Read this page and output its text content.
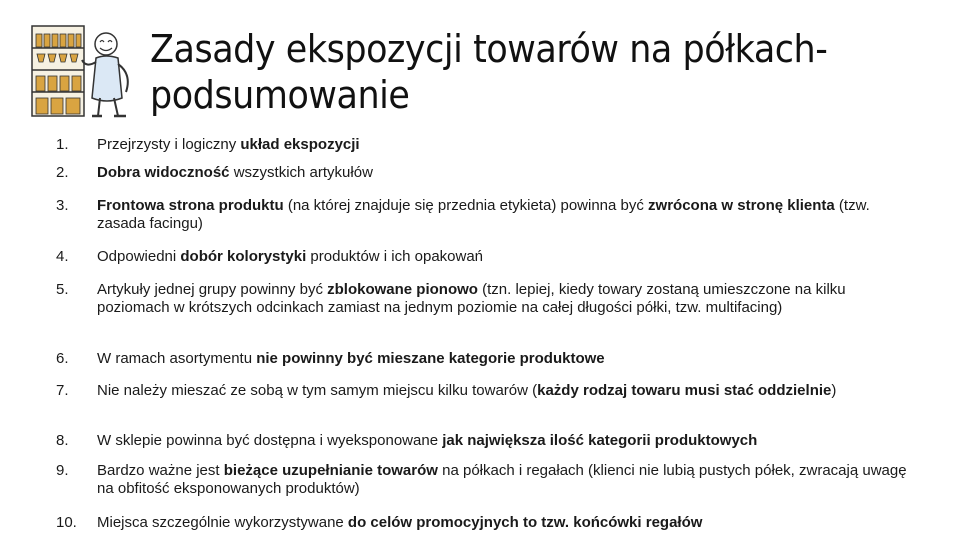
Zasady ekspozycji towarów na półkach-
podsumowanie
1.	Przejrzysty i logiczny układ ekspozycji
2.	Dobra widoczność wszystkich artykułów
3.	Frontowa strona produktu (na której znajduje się przednia etykieta) powinna być zwrócona w stronę klienta (tzw. zasada facingu)
4.	Odpowiedni dobór kolorystyki produktów i ich opakowań
5.	Artykuły jednej grupy powinny być zblokowane pionowo (tzn. lepiej, kiedy towary zostaną umieszczone na kilku poziomach w krótszych odcinkach zamiast na jednym poziomie na całej długości półki, tzw. multifacing)
6.	W ramach asortymentu nie powinny być mieszane kategorie produktowe
7.	Nie należy mieszać ze sobą w tym samym miejscu kilku towarów (każdy rodzaj towaru musi stać oddzielnie)
8.	W sklepie powinna być dostępna i wyeksponowane jak największa ilość kategorii produktowych
9.	Bardzo ważne jest bieżące uzupełnianie towarów na półkach i regałach (klienci nie lubią pustych półek, zwracają uwagę na obfitość eksponowanych produktów)
10.	Miejsca szczególnie wykorzystywane do celów promocyjnych to tzw. końcówki regałów
